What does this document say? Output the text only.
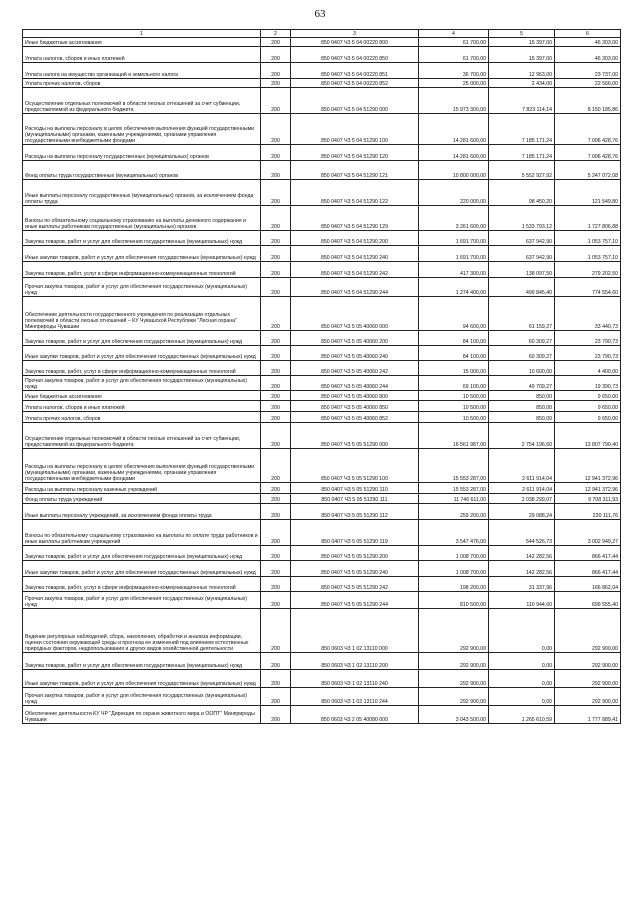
63
1	2	3	4	5	6
Иные бюджетные ассигнования	200	850 0407 Ч3 5 04 00220 800	61 700,00	15 397,00	46 303,00
Уплата налогов, сборов и иных платежей	200	850 0407 Ч3 5 04 00220 850	61 700,00	15 397,00	46 303,00
Уплата налога на имущество организаций и земельного налога	200	850 0407 Ч3 5 04 00220 851	36 700,00	12 963,00	23 737,00
Уплата прочих налогов, сборов	200	850 0407 Ч3 5 04 00220 852	25 000,00	2 434,00	22 566,00
Осуществление отдельных полномочий в области лесных отношений за счет субвенции, предоставляемой из федерального бюджета	200	850 0407 Ч3 5 04 51290 000	15 973 300,00	7 823 114,14	8 150 185,86
Расходы на выплаты персоналу в целях обеспечения выполнения функций государственными (муниципальными) органами, казенными учреждениями, органами управления государственными внебюджетными фондами	200	850 0407 Ч3 5 04 51290 100	14 281 600,00	7 185 171,24	7 096 428,76
Расходы на выплаты персоналу государственных (муниципальных) органов	200	850 0407 Ч3 5 04 51290 120	14 281 600,00	7 185 171,24	7 096 428,76
Фонд оплаты труда государственных (муниципальных) органов	200	850 0407 Ч3 5 04 51290 121	10 800 000,00	5 552 927,92	5 247 072,08
Иные выплаты персоналу государственных (муниципальных) органов, за исключением фонда оплаты труда	200	850 0407 Ч3 5 04 51290 122	220 000,00	98 450,20	121 549,80
Взносы по обязательному социальному страхованию на выплаты денежного содержания и иные выплаты работникам государственных (муниципальных) органов	200	850 0407 Ч3 5 04 51290 129	3 261 600,00	1 533 793,12	1 727 806,88
Закупка товаров, работ и услуг для обеспечения государственных (муниципальных) нужд	200	850 0407 Ч3 5 04 51290 200	1 691 700,00	637 942,90	1 053 757,10
Иные закупки товаров, работ и услуг для обеспечения государственных (муниципальных) нужд	200	850 0407 Ч3 5 04 51290 240	1 691 700,00	637 942,90	1 053 757,10
Закупка товаров, работ, услуг в сфере информационно-коммуникационных технологий	200	850 0407 Ч3 5 04 51290 242	417 300,00	138 097,50	279 202,50
Прочая закупка товаров, работ и услуг для обеспечения государственных (муниципальных) нужд	200	850 0407 Ч3 5 04 51290 244	1 274 400,00	499 845,40	774 554,60
Обеспечение деятельности государственного учреждения по реализации отдельных полномочий в области лесных отношений – КУ Чувашской Республики "Лесная охрана" Минприроды Чувашии	200	850 0407 Ч3 5 05 40060 000	94 600,00	61 159,27	33 440,73
Закупка товаров, работ и услуг для обеспечения государственных (муниципальных) нужд	200	850 0407 Ч3 5 05 40060 200	84 100,00	60 309,27	23 790,73
Иные закупки товаров, работ и услуг для обеспечения государственных (муниципальных) нужд	200	850 0407 Ч3 5 05 40060 240	84 100,00	60 309,27	23 790,73
Закупка товаров, работ, услуг в сфере информационно-коммуникационных технологий	200	850 0407 Ч3 5 05 40060 242	15 000,00	10 600,00	4 400,00
Прочая закупка товаров, работ и услуг для обеспечения государственных (муниципальных) нужд	200	850 0407 Ч3 5 05 40060 244	69 100,00	49 709,27	19 390,73
Иные бюджетные ассигнования	200	850 0407 Ч3 5 05 40060 800	10 500,00	850,00	9 650,00
Уплата налогов, сборов и иных платежей	200	850 0407 Ч3 5 05 40060 850	10 500,00	850,00	9 650,00
Уплата прочих налогов, сборов	200	850 0407 Ч3 5 05 40060 852	10 500,00	850,00	9 650,00
Осуществление отдельных полномочий в области лесных отношений за счет субвенции, предоставляемой из федерального бюджета	200	850 0407 Ч3 5 05 51290 000	16 561 987,00	2 754 196,60	13 807 790,40
Расходы на выплаты персоналу в целях обеспечения выполнения функций государственными (муниципальными) органами, казенными учреждениями, органами управления государственными внебюджетными фондами	200	850 0407 Ч3 5 05 51290 100	15 553 287,00	2 611 914,04	12 941 372,96
Расходы на выплаты персоналу казенных учреждений	200	850 0407 Ч3 5 05 51290 110	15 553 287,00	2 611 914,04	12 941 372,96
Фонд оплаты труда учреждений	200	850 0407 Ч3 5 05 51290 111	11 746 611,00	2 038 299,07	9 708 311,93
Иные выплаты персоналу учреждений, за исключением фонда оплаты труда	200	850 0407 Ч3 5 05 51290 112	259 200,00	29 088,24	230 111,76
Взносы по обязательному социальному страхованию на выплаты по оплате труда работников и иные выплаты работникам учреждений	200	850 0407 Ч3 5 05 51290 119	3 547 476,00	544 526,73	3 002 949,27
Закупка товаров, работ и услуг для обеспечения государственных (муниципальных) нужд	200	850 0407 Ч3 5 05 51290 200	1 008 700,00	142 282,56	866 417,44
Иные закупки товаров, работ и услуг для обеспечения государственных (муниципальных) нужд	200	850 0407 Ч3 5 05 51290 240	1 008 700,00	142 282,56	866 417,44
Закупка товаров, работ, услуг в сфере информационно-коммуникационных технологий	200	850 0407 Ч3 5 05 51290 242	198 200,00	31 337,96	166 862,04
Прочая закупка товаров, работ и услуг для обеспечения государственных (муниципальных) нужд	200	850 0407 Ч3 5 05 51290 244	810 500,00	110 944,60	699 555,40
Ведение регулярных наблюдений, сбора, накопления, обработки и анализа информации, оценки состояния окружающей среды и прогноза ее изменений под влиянием естественных природных факторов, недропользования и других видов хозяйственной деятельности	200	850 0603 Ч3 1 02 13110 000	292 900,00	0,00	292 900,00
Закупка товаров, работ и услуг для обеспечения государственных (муниципальных) нужд	200	850 0603 Ч3 1 02 13110 200	292 900,00	0,00	292 900,00
Иные закупки товаров, работ и услуг для обеспечения государственных (муниципальных) нужд	200	850 0603 Ч3 1 02 13110 240	292 900,00	0,00	292 900,00
Прочая закупка товаров, работ и услуг для обеспечения государственных (муниципальных) нужд	200	850 0603 Ч3 1 02 13110 244	292 900,00	0,00	292 900,00
Обеспечение деятельности КУ ЧР "Дирекция по охране животного мира и ООПТ" Минприроды Чувашии	200	850 0603 Ч3 2 05 40080 000	3 043 500,00	1 265 610,59	1 777 889,41
